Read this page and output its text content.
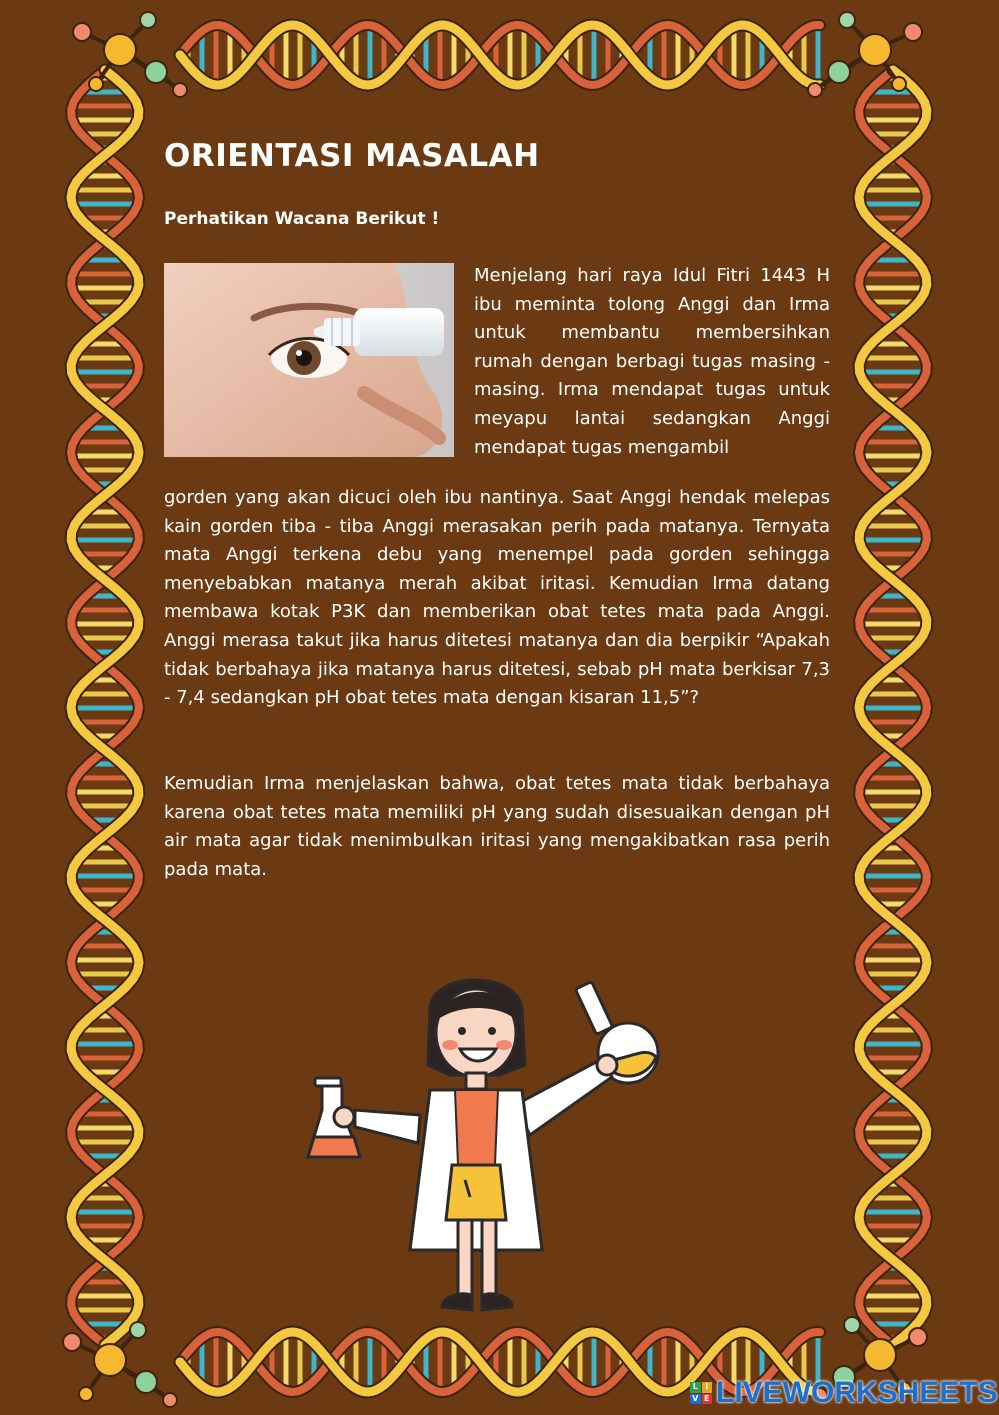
ORIENTASI MASALAH
Perhatikan Wacana Berikut !

Menjelang hari raya Idul Fitri 1443 H ibu meminta tolong Anggi dan Irma untuk membantu membersihkan rumah dengan berbagi tugas masing - masing. Irma mendapat tugas untuk meyapu lantai sedangkan Anggi mendapat tugas mengambil

gorden yang akan dicuci oleh ibu nantinya. Saat Anggi hendak melepas kain gorden tiba - tiba Anggi merasakan perih pada matanya. Ternyata mata Anggi terkena debu yang menempel pada gorden sehingga menyebabkan matanya merah akibat iritasi. Kemudian Irma datang membawa kotak P3K dan memberikan obat tetes mata pada Anggi. Anggi merasa takut jika harus ditetesi matanya dan dia berpikir “Apakah tidak berbahaya jika matanya harus ditetesi, sebab pH mata berkisar 7,3 - 7,4 sedangkan pH obat tetes mata dengan kisaran 11,5”?

Kemudian Irma menjelaskan bahwa, obat tetes mata tidak berbahaya karena obat tetes mata memiliki pH yang sudah disesuaikan dengan pH air mata agar tidak menimbulkan iritasi yang mengakibatkan rasa perih pada mata.

L I
V E LIVEWORKSHEETS
